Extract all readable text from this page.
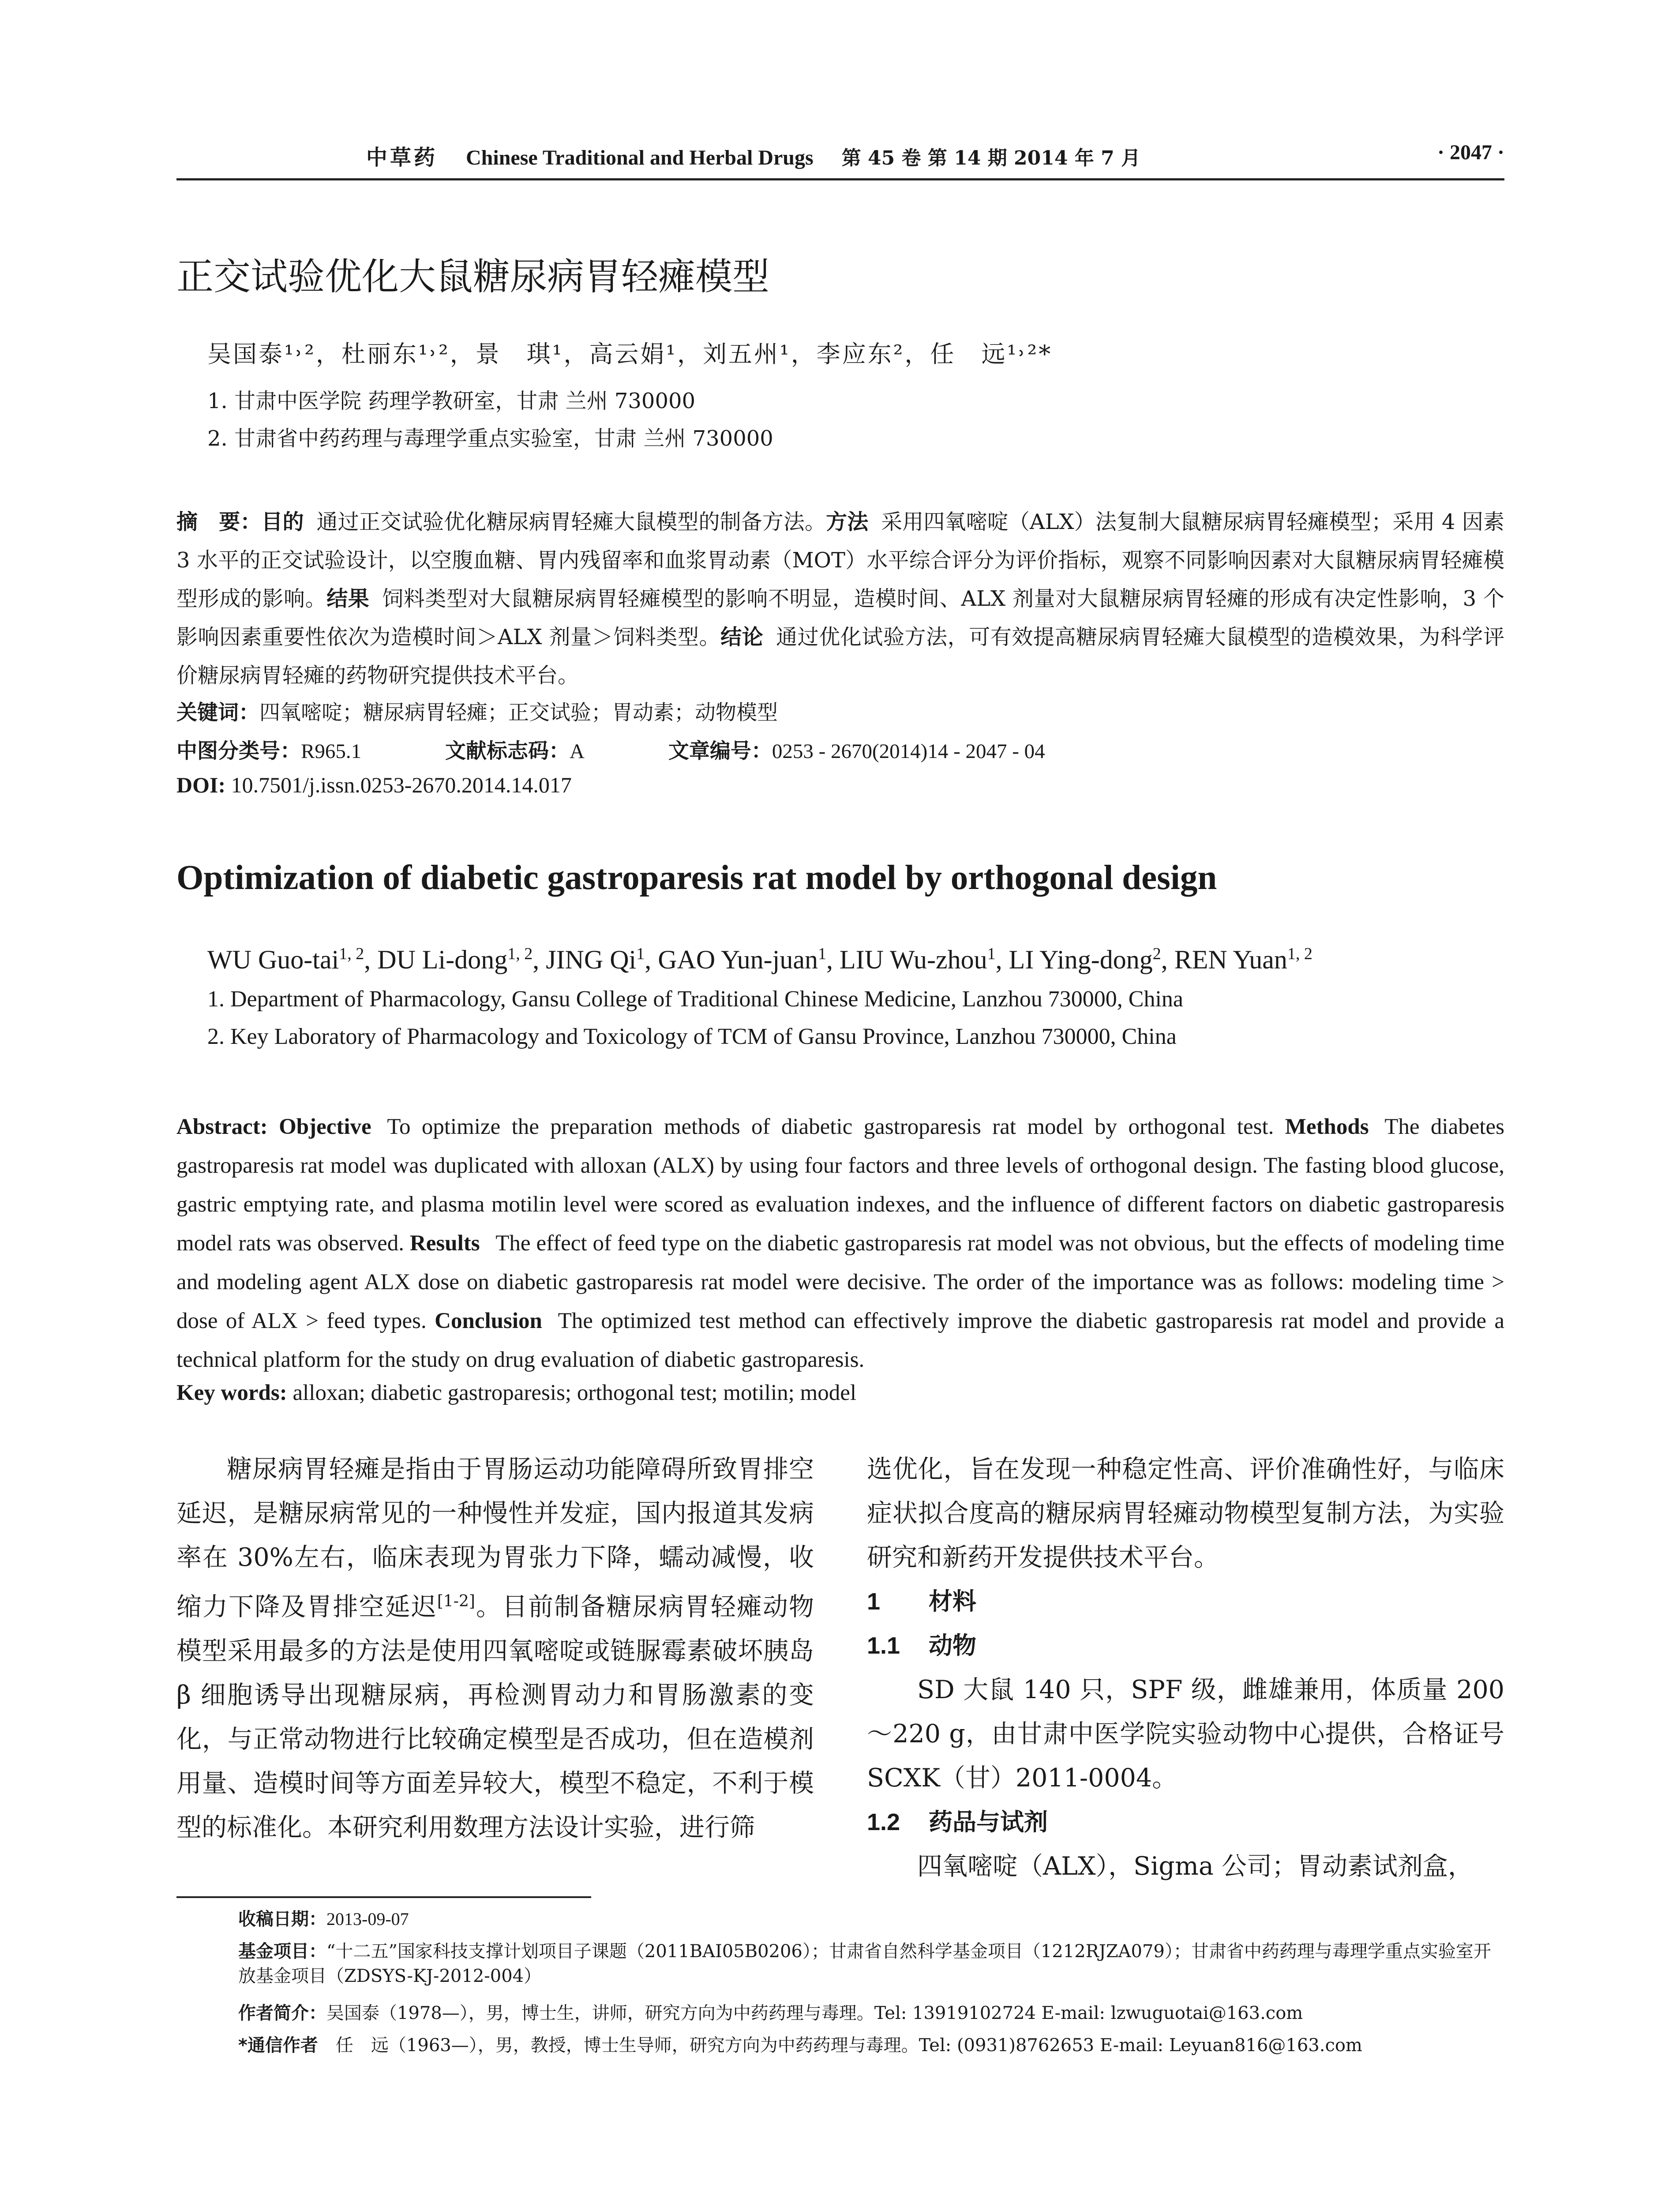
中草药 Chinese Traditional and Herbal Drugs 第 45 卷 第 14 期 2014 年 7 月	· 2047 ·
正交试验优化大鼠糖尿病胃轻瘫模型
吴国泰¹˒²，杜丽东¹˒²，景　琪¹，高云娟¹，刘五州¹，李应东²，任　远¹˒²*
1. 甘肃中医学院 药理学教研室，甘肃 兰州 730000
2. 甘肃省中药药理与毒理学重点实验室，甘肃 兰州 730000
摘　要：目的 通过正交试验优化糖尿病胃轻瘫大鼠模型的制备方法。方法 采用四氧嘧啶（ALX）法复制大鼠糖尿病胃轻瘫模型；采用 4 因素 3 水平的正交试验设计，以空腹血糖、胃内残留率和血浆胃动素（MOT）水平综合评分为评价指标，观察不同影响因素对大鼠糖尿病胃轻瘫模型形成的影响。结果 饲料类型对大鼠糖尿病胃轻瘫模型的影响不明显，造模时间、ALX 剂量对大鼠糖尿病胃轻瘫的形成有决定性影响，3 个影响因素重要性依次为造模时间＞ALX 剂量＞饲料类型。结论 通过优化试验方法，可有效提高糖尿病胃轻瘫大鼠模型的造模效果，为科学评价糖尿病胃轻瘫的药物研究提供技术平台。
关键词：四氧嘧啶；糖尿病胃轻瘫；正交试验；胃动素；动物模型
中图分类号：R965.1	文献标志码：A	文章编号：0253 - 2670(2014)14 - 2047 - 04
DOI: 10.7501/j.issn.0253-2670.2014.14.017
Optimization of diabetic gastroparesis rat model by orthogonal design
WU Guo-tai$^{1, 2}$, DU Li-dong$^{1, 2}$, JING Qi$^1$, GAO Yun-juan$^1$, LIU Wu-zhou$^1$, LI Ying-dong$^2$, REN Yuan$^{1, 2}$
1. Department of Pharmacology, Gansu College of Traditional Chinese Medicine, Lanzhou 730000, China
2. Key Laboratory of Pharmacology and Toxicology of TCM of Gansu Province, Lanzhou 730000, China
Abstract: Objective To optimize the preparation methods of diabetic gastroparesis rat model by orthogonal test. Methods The diabetes gastroparesis rat model was duplicated with alloxan (ALX) by using four factors and three levels of orthogonal design. The fasting blood glucose, gastric emptying rate, and plasma motilin level were scored as evaluation indexes, and the influence of different factors on diabetic gastroparesis model rats was observed. Results The effect of feed type on the diabetic gastroparesis rat model was not obvious, but the effects of modeling time and modeling agent ALX dose on diabetic gastroparesis rat model were decisive. The order of the importance was as follows: modeling time > dose of ALX > feed types. Conclusion The optimized test method can effectively improve the diabetic gastroparesis rat model and provide a technical platform for the study on drug evaluation of diabetic gastroparesis.
Key words: alloxan; diabetic gastroparesis; orthogonal test; motilin; model

糖尿病胃轻瘫是指由于胃肠运动功能障碍所致胃排空延迟，是糖尿病常见的一种慢性并发症，国内报道其发病率在 30%左右，临床表现为胃张力下降，蠕动减慢，收缩力下降及胃排空延迟[1-2]。目前制备糖尿病胃轻瘫动物模型采用最多的方法是使用四氧嘧啶或链脲霉素破坏胰岛 β 细胞诱导出现糖尿病，再检测胃动力和胃肠激素的变化，与正常动物进行比较确定模型是否成功，但在造模剂用量、造模时间等方面差异较大，模型不稳定，不利于模型的标准化。本研究利用数理方法设计实验，进行筛

选优化，旨在发现一种稳定性高、评价准确性好，与临床症状拟合度高的糖尿病胃轻瘫动物模型复制方法，为实验研究和新药开发提供技术平台。

1 材料
1.1 动物

SD 大鼠 140 只，SPF 级，雌雄兼用，体质量 200～220 g，由甘肃中医学院实验动物中心提供，合格证号 SCXK（甘）2011-0004。

1.2 药品与试剂

四氧嘧啶（ALX），Sigma 公司；胃动素试剂盒，

收稿日期：2013-09-07
基金项目：“十二五”国家科技支撑计划项目子课题（2011BAI05B0206）；甘肃省自然科学基金项目（1212RJZA079）；甘肃省中药药理与毒理学重点实验室开放基金项目（ZDSYS-KJ-2012-004）
作者简介：吴国泰（1978—），男，博士生，讲师，研究方向为中药药理与毒理。Tel: 13919102724 E-mail: lzwuguotai@163.com
*通信作者 任　远（1963—），男，教授，博士生导师，研究方向为中药药理与毒理。Tel: (0931)8762653 E-mail: Leyuan816@163.com
